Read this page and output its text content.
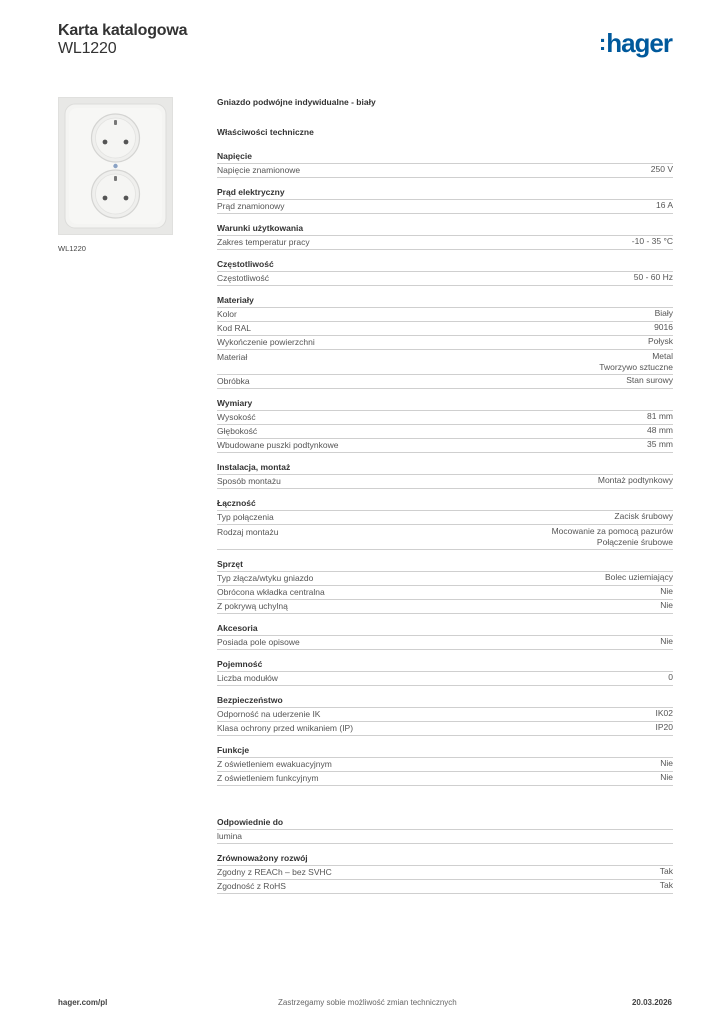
Karta katalogowa
WL1220	:hager
WL1220
Gniazdo podwójne indywidualne - biały
Właściwości techniczne
Napięcie
Napięcie znamionowe	250 V
Prąd elektryczny
Prąd znamionowy	16 A
Warunki użytkowania
Zakres temperatur pracy	-10 - 35 °C
Częstotliwość
Częstotliwość	50 - 60 Hz
Materiały
Kolor	Biały
Kod RAL	9016
Wykończenie powierzchni	Połysk
Materiał	Metal
Tworzywo sztuczne
Obróbka	Stan surowy
Wymiary
Wysokość	81 mm
Głębokość	48 mm
Wbudowane puszki podtynkowe	35 mm
Instalacja, montaż
Sposób montażu	Montaż podtynkowy
Łączność
Typ połączenia	Zacisk śrubowy
Rodzaj montażu	Mocowanie za pomocą pazurów
Połączenie śrubowe
Sprzęt
Typ złącza/wtyku gniazdo	Bolec uziemiający
Obrócona wkładka centralna	Nie
Z pokrywą uchylną	Nie
Akcesoria
Posiada pole opisowe	Nie
Pojemność
Liczba modułów	0
Bezpieczeństwo
Odporność na uderzenie IK	IK02
Klasa ochrony przed wnikaniem (IP)	IP20
Funkcje
Z oświetleniem ewakuacyjnym	Nie
Z oświetleniem funkcyjnym	Nie
Odpowiednie do
lumina
Zrównoważony rozwój
Zgodny z REACh – bez SVHC	Tak
Zgodność z RoHS	Tak
hager.com/pl	Zastrzegamy sobie możliwość zmian technicznych	20.03.2026
